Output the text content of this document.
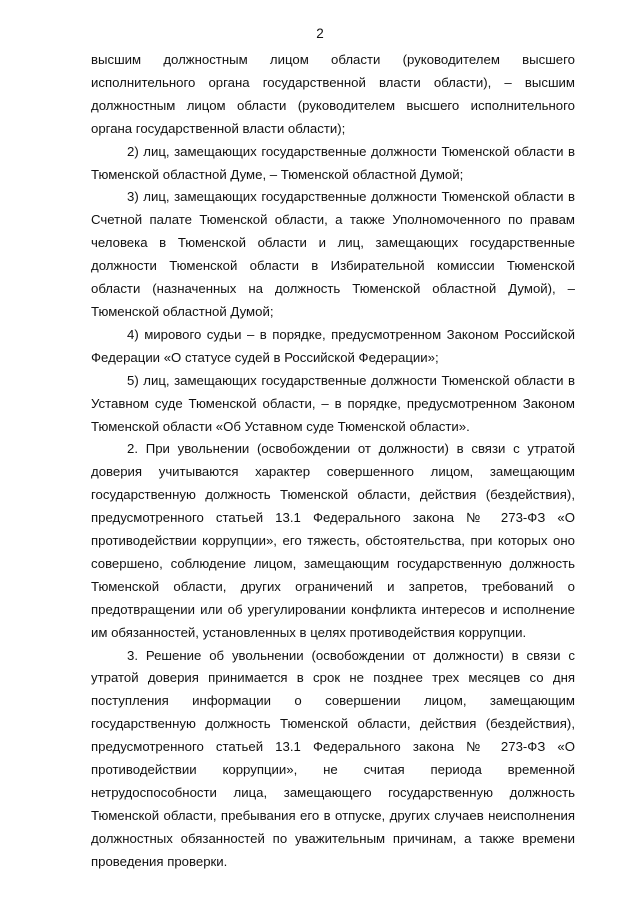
2

высшим должностным лицом области (руководителем высшего исполнительного органа государственной власти области), – высшим должностным лицом области (руководителем высшего исполнительного органа государственной власти области);

2) лиц, замещающих государственные должности Тюменской области в Тюменской областной Думе, – Тюменской областной Думой;

3) лиц, замещающих государственные должности Тюменской области в Счетной палате Тюменской области, а также Уполномоченного по правам человека в Тюменской области и лиц, замещающих государственные должности Тюменской области в Избирательной комиссии Тюменской области (назначенных на должность Тюменской областной Думой), – Тюменской областной Думой;

4) мирового судьи – в порядке, предусмотренном Законом Российской Федерации «О статусе судей в Российской Федерации»;

5) лиц, замещающих государственные должности Тюменской области в Уставном суде Тюменской области, – в порядке, предусмотренном Законом Тюменской области «Об Уставном суде Тюменской области».

2. При увольнении (освобождении от должности) в связи с утратой доверия учитываются характер совершенного лицом, замещающим государственную должность Тюменской области, действия (бездействия), предусмотренного статьей 13.1 Федерального закона № 273-ФЗ «О противодействии коррупции», его тяжесть, обстоятельства, при которых оно совершено, соблюдение лицом, замещающим государственную должность Тюменской области, других ограничений и запретов, требований о предотвращении или об урегулировании конфликта интересов и исполнение им обязанностей, установленных в целях противодействия коррупции.

3. Решение об увольнении (освобождении от должности) в связи с утратой доверия принимается в срок не позднее трех месяцев со дня поступления информации о совершении лицом, замещающим государственную должность Тюменской области, действия (бездействия), предусмотренного статьей 13.1 Федерального закона № 273-ФЗ «О противодействии коррупции», не считая периода временной нетрудоспособности лица, замещающего государственную должность Тюменской области, пребывания его в отпуске, других случаев неисполнения должностных обязанностей по уважительным причинам, а также времени проведения проверки.
